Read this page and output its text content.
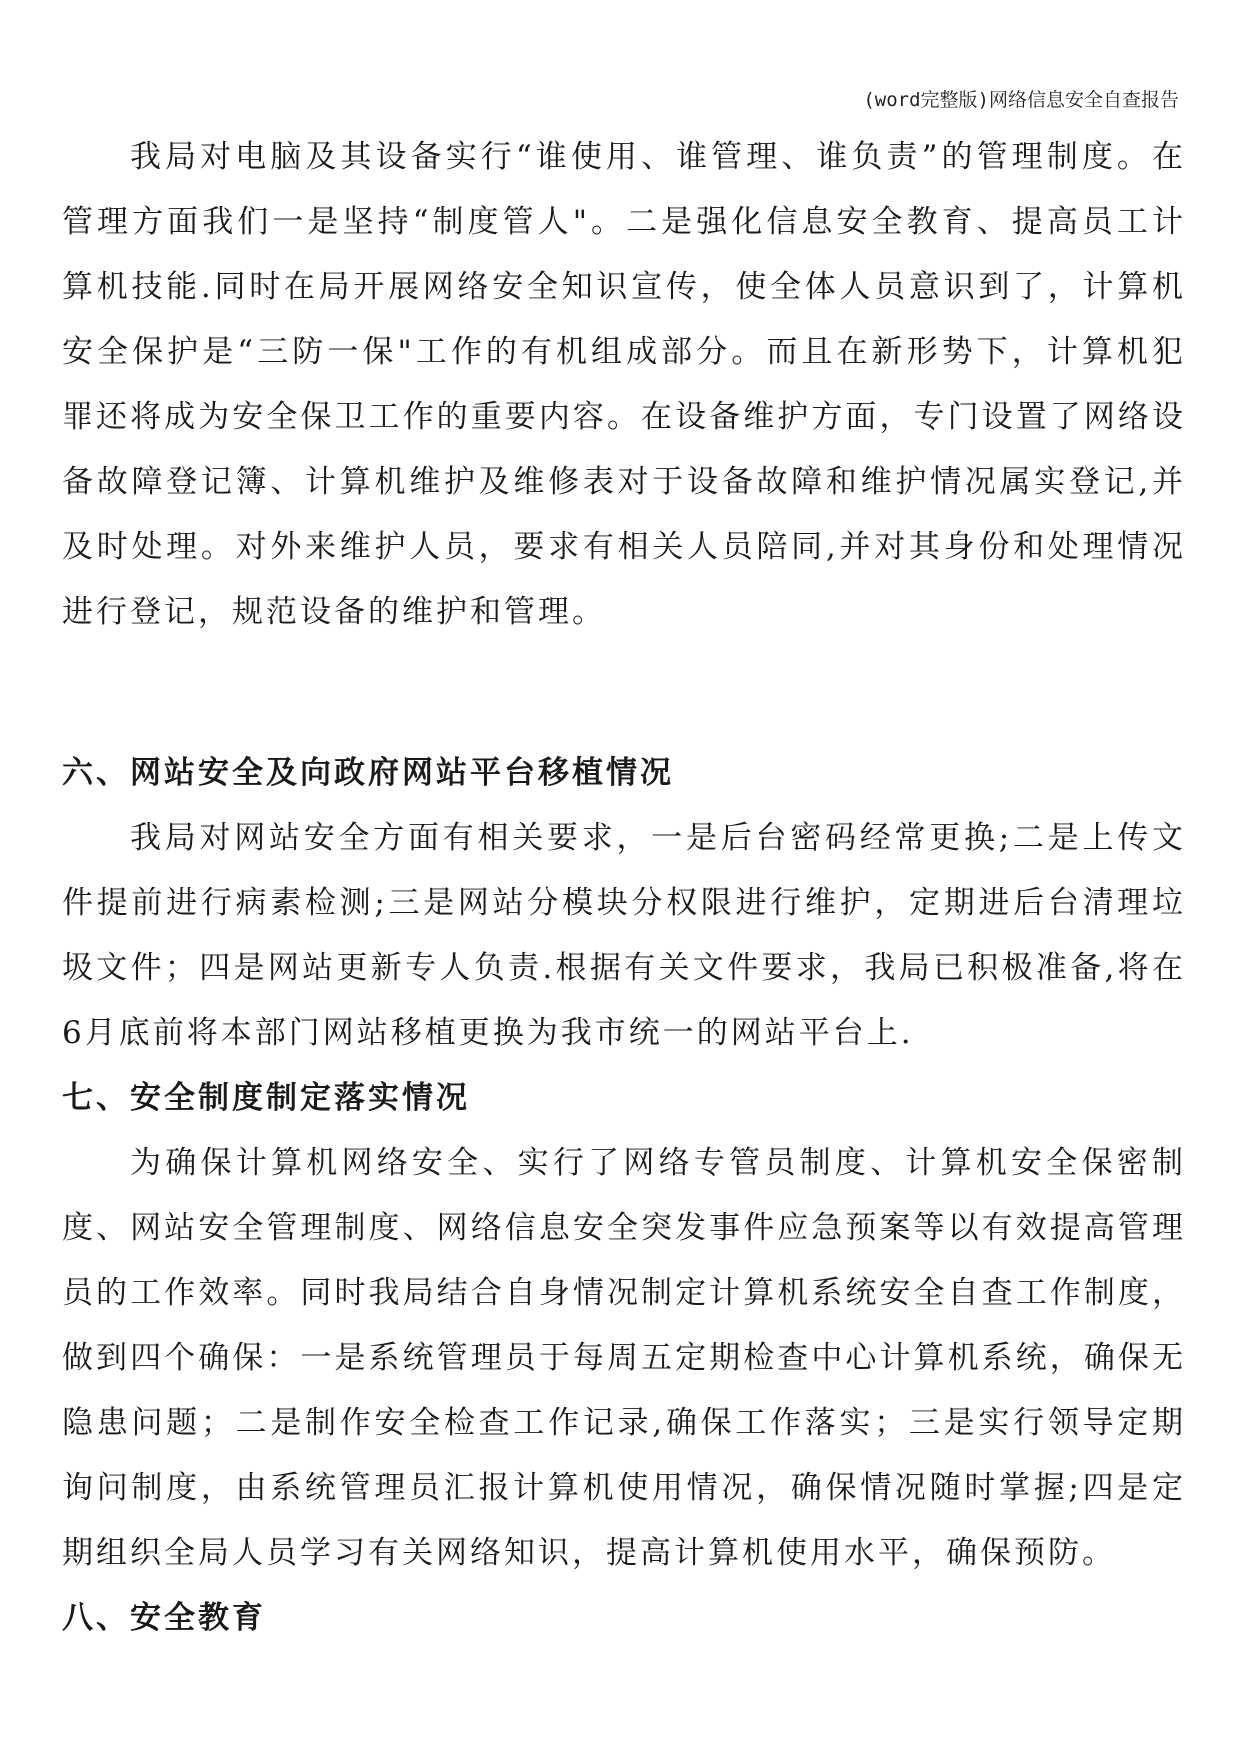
(word完整版)网络信息安全自查报告

我局对电脑及其设备实行“谁使用、谁管理、谁负责”的管理制度。在管理方面我们一是坚持“制度管人"。二是强化信息安全教育、提高员工计算机技能.同时在局开展网络安全知识宣传，使全体人员意识到了，计算机安全保护是“三防一保"工作的有机组成部分。而且在新形势下，计算机犯罪还将成为安全保卫工作的重要内容。在设备维护方面，专门设置了网络设备故障登记簿、计算机维护及维修表对于设备故障和维护情况属实登记,并及时处理。对外来维护人员，要求有相关人员陪同,并对其身份和处理情况进行登记，规范设备的维护和管理。

六、网站安全及向政府网站平台移植情况

我局对网站安全方面有相关要求，一是后台密码经常更换;二是上传文件提前进行病素检测;三是网站分模块分权限进行维护，定期进后台清理垃圾文件；四是网站更新专人负责.根据有关文件要求，我局已积极准备,将在6月底前将本部门网站移植更换为我市统一的网站平台上.

七、安全制度制定落实情况

为确保计算机网络安全、实行了网络专管员制度、计算机安全保密制度、网站安全管理制度、网络信息安全突发事件应急预案等以有效提高管理员的工作效率。同时我局结合自身情况制定计算机系统安全自查工作制度，做到四个确保：一是系统管理员于每周五定期检查中心计算机系统，确保无隐患问题；二是制作安全检查工作记录,确保工作落实；三是实行领导定期询问制度，由系统管理员汇报计算机使用情况，确保情况随时掌握;四是定期组织全局人员学习有关网络知识，提高计算机使用水平，确保预防。

八、安全教育
